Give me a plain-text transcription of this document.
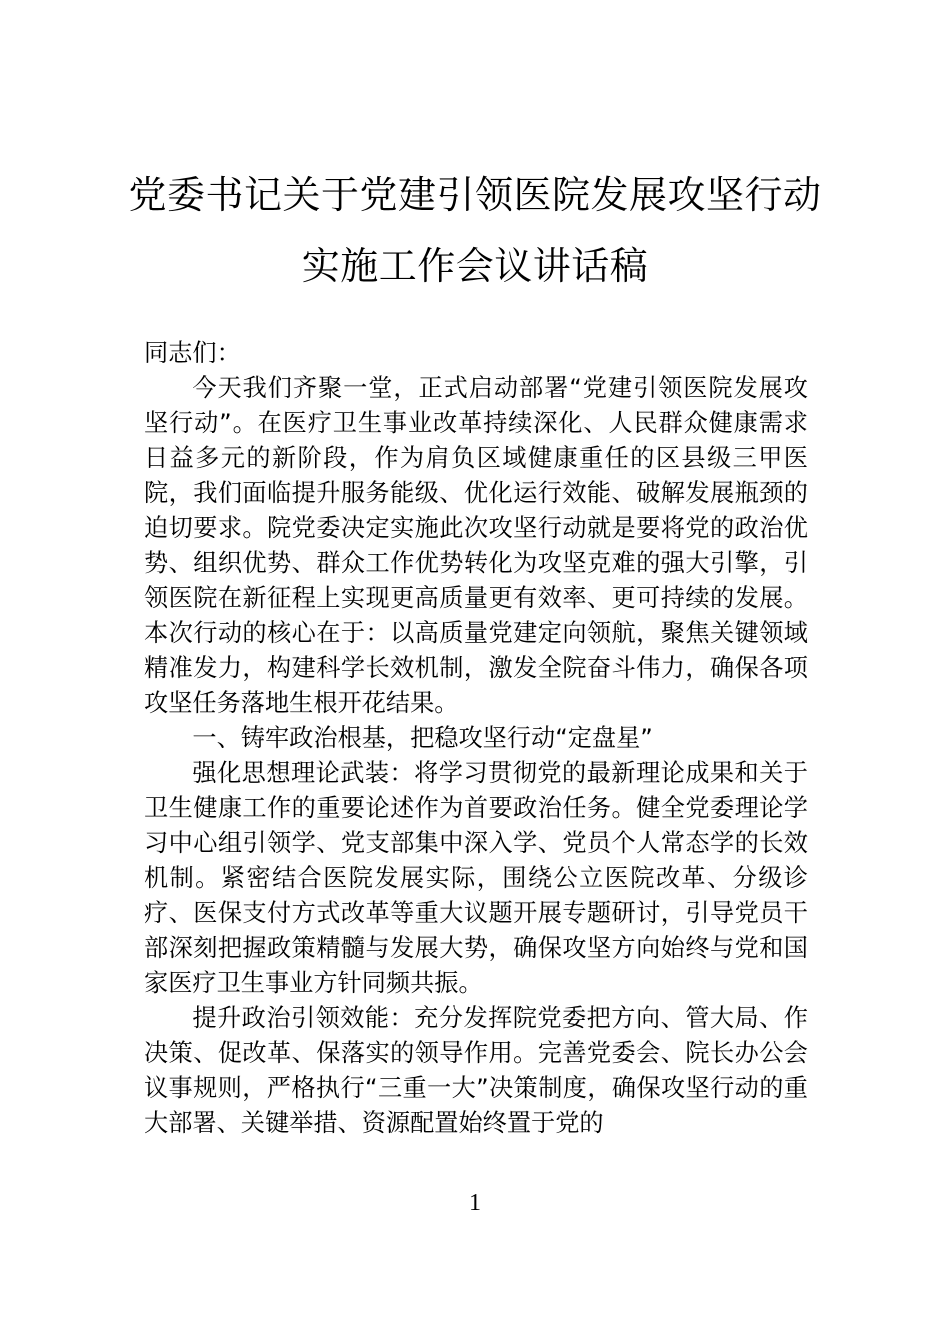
党委书记关于党建引领医院发展攻坚行动
实施工作会议讲话稿

同志们：

今天我们齐聚一堂，正式启动部署“党建引领医院发展攻坚行动”。在医疗卫生事业改革持续深化、人民群众健康需求日益多元的新阶段，作为肩负区域健康重任的区县级三甲医院，我们面临提升服务能级、优化运行效能、破解发展瓶颈的迫切要求。院党委决定实施此次攻坚行动就是要将党的政治优势、组织优势、群众工作优势转化为攻坚克难的强大引擎，引领医院在新征程上实现更高质量更有效率、更可持续的发展。本次行动的核心在于：以高质量党建定向领航，聚焦关键领域精准发力，构建科学长效机制，激发全院奋斗伟力，确保各项攻坚任务落地生根开花结果。

一、铸牢政治根基，把稳攻坚行动“定盘星”

强化思想理论武装：将学习贯彻党的最新理论成果和关于卫生健康工作的重要论述作为首要政治任务。健全党委理论学习中心组引领学、党支部集中深入学、党员个人常态学的长效机制。紧密结合医院发展实际，围绕公立医院改革、分级诊疗、医保支付方式改革等重大议题开展专题研讨，引导党员干部深刻把握政策精髓与发展大势，确保攻坚方向始终与党和国家医疗卫生事业方针同频共振。

提升政治引领效能：充分发挥院党委把方向、管大局、作决策、促改革、保落实的领导作用。完善党委会、院长办公会议事规则，严格执行“三重一大”决策制度，确保攻坚行动的重大部署、关键举措、资源配置始终置于党的

1
